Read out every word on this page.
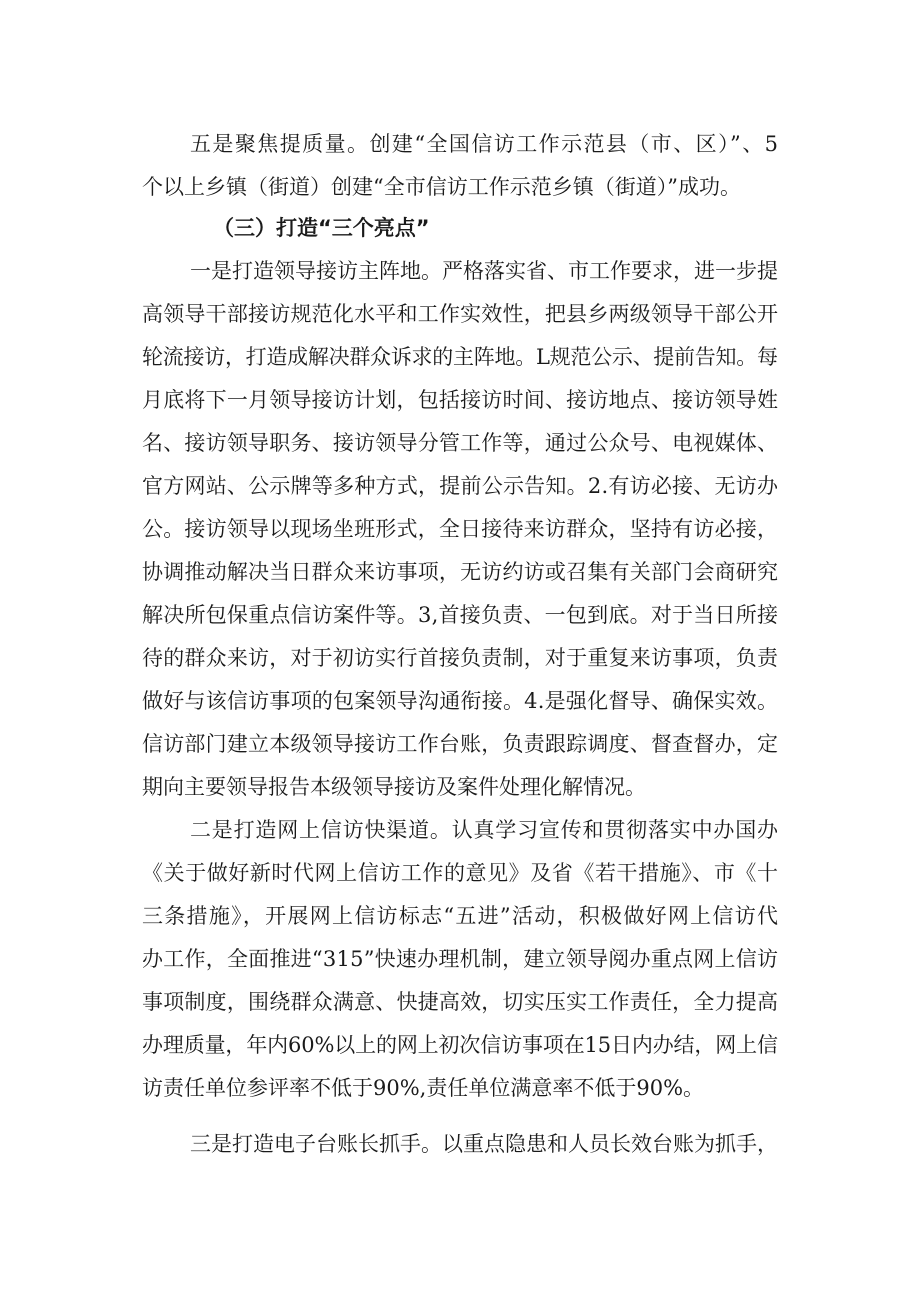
五是聚焦提质量。创建“全国信访工作示范县（市、区）”、5
个以上乡镇（街道）创建“全市信访工作示范乡镇（街道）”成功。
（三）打造“三个亮点”
一是打造领导接访主阵地。严格落实省、市工作要求，进一步提
高领导干部接访规范化水平和工作实效性，把县乡两级领导干部公开
轮流接访，打造成解决群众诉求的主阵地。L规范公示、提前告知。每
月底将下一月领导接访计划，包括接访时间、接访地点、接访领导姓
名、接访领导职务、接访领导分管工作等，通过公众号、电视媒体、
官方网站、公示牌等多种方式，提前公示告知。2.有访必接、无访办
公。接访领导以现场坐班形式，全日接待来访群众，坚持有访必接，
协调推动解决当日群众来访事项，无访约访或召集有关部门会商研究
解决所包保重点信访案件等。3,首接负责、一包到底。对于当日所接
待的群众来访，对于初访实行首接负责制，对于重复来访事项，负责
做好与该信访事项的包案领导沟通衔接。4.是强化督导、确保实效。
信访部门建立本级领导接访工作台账，负责跟踪调度、督查督办，定
期向主要领导报告本级领导接访及案件处理化解情况。
二是打造网上信访快渠道。认真学习宣传和贯彻落实中办国办
《关于做好新时代网上信访工作的意见》及省《若干措施》、市《十
三条措施》，开展网上信访标志“五进”活动，积极做好网上信访代
办工作，全面推进“315”快速办理机制，建立领导阅办重点网上信访
事项制度，围绕群众满意、快捷高效，切实压实工作责任，全力提高
办理质量，年内60%以上的网上初次信访事项在15日内办结，网上信
访责任单位参评率不低于90%,责任单位满意率不低于90%。
三是打造电子台账长抓手。以重点隐患和人员长效台账为抓手，
